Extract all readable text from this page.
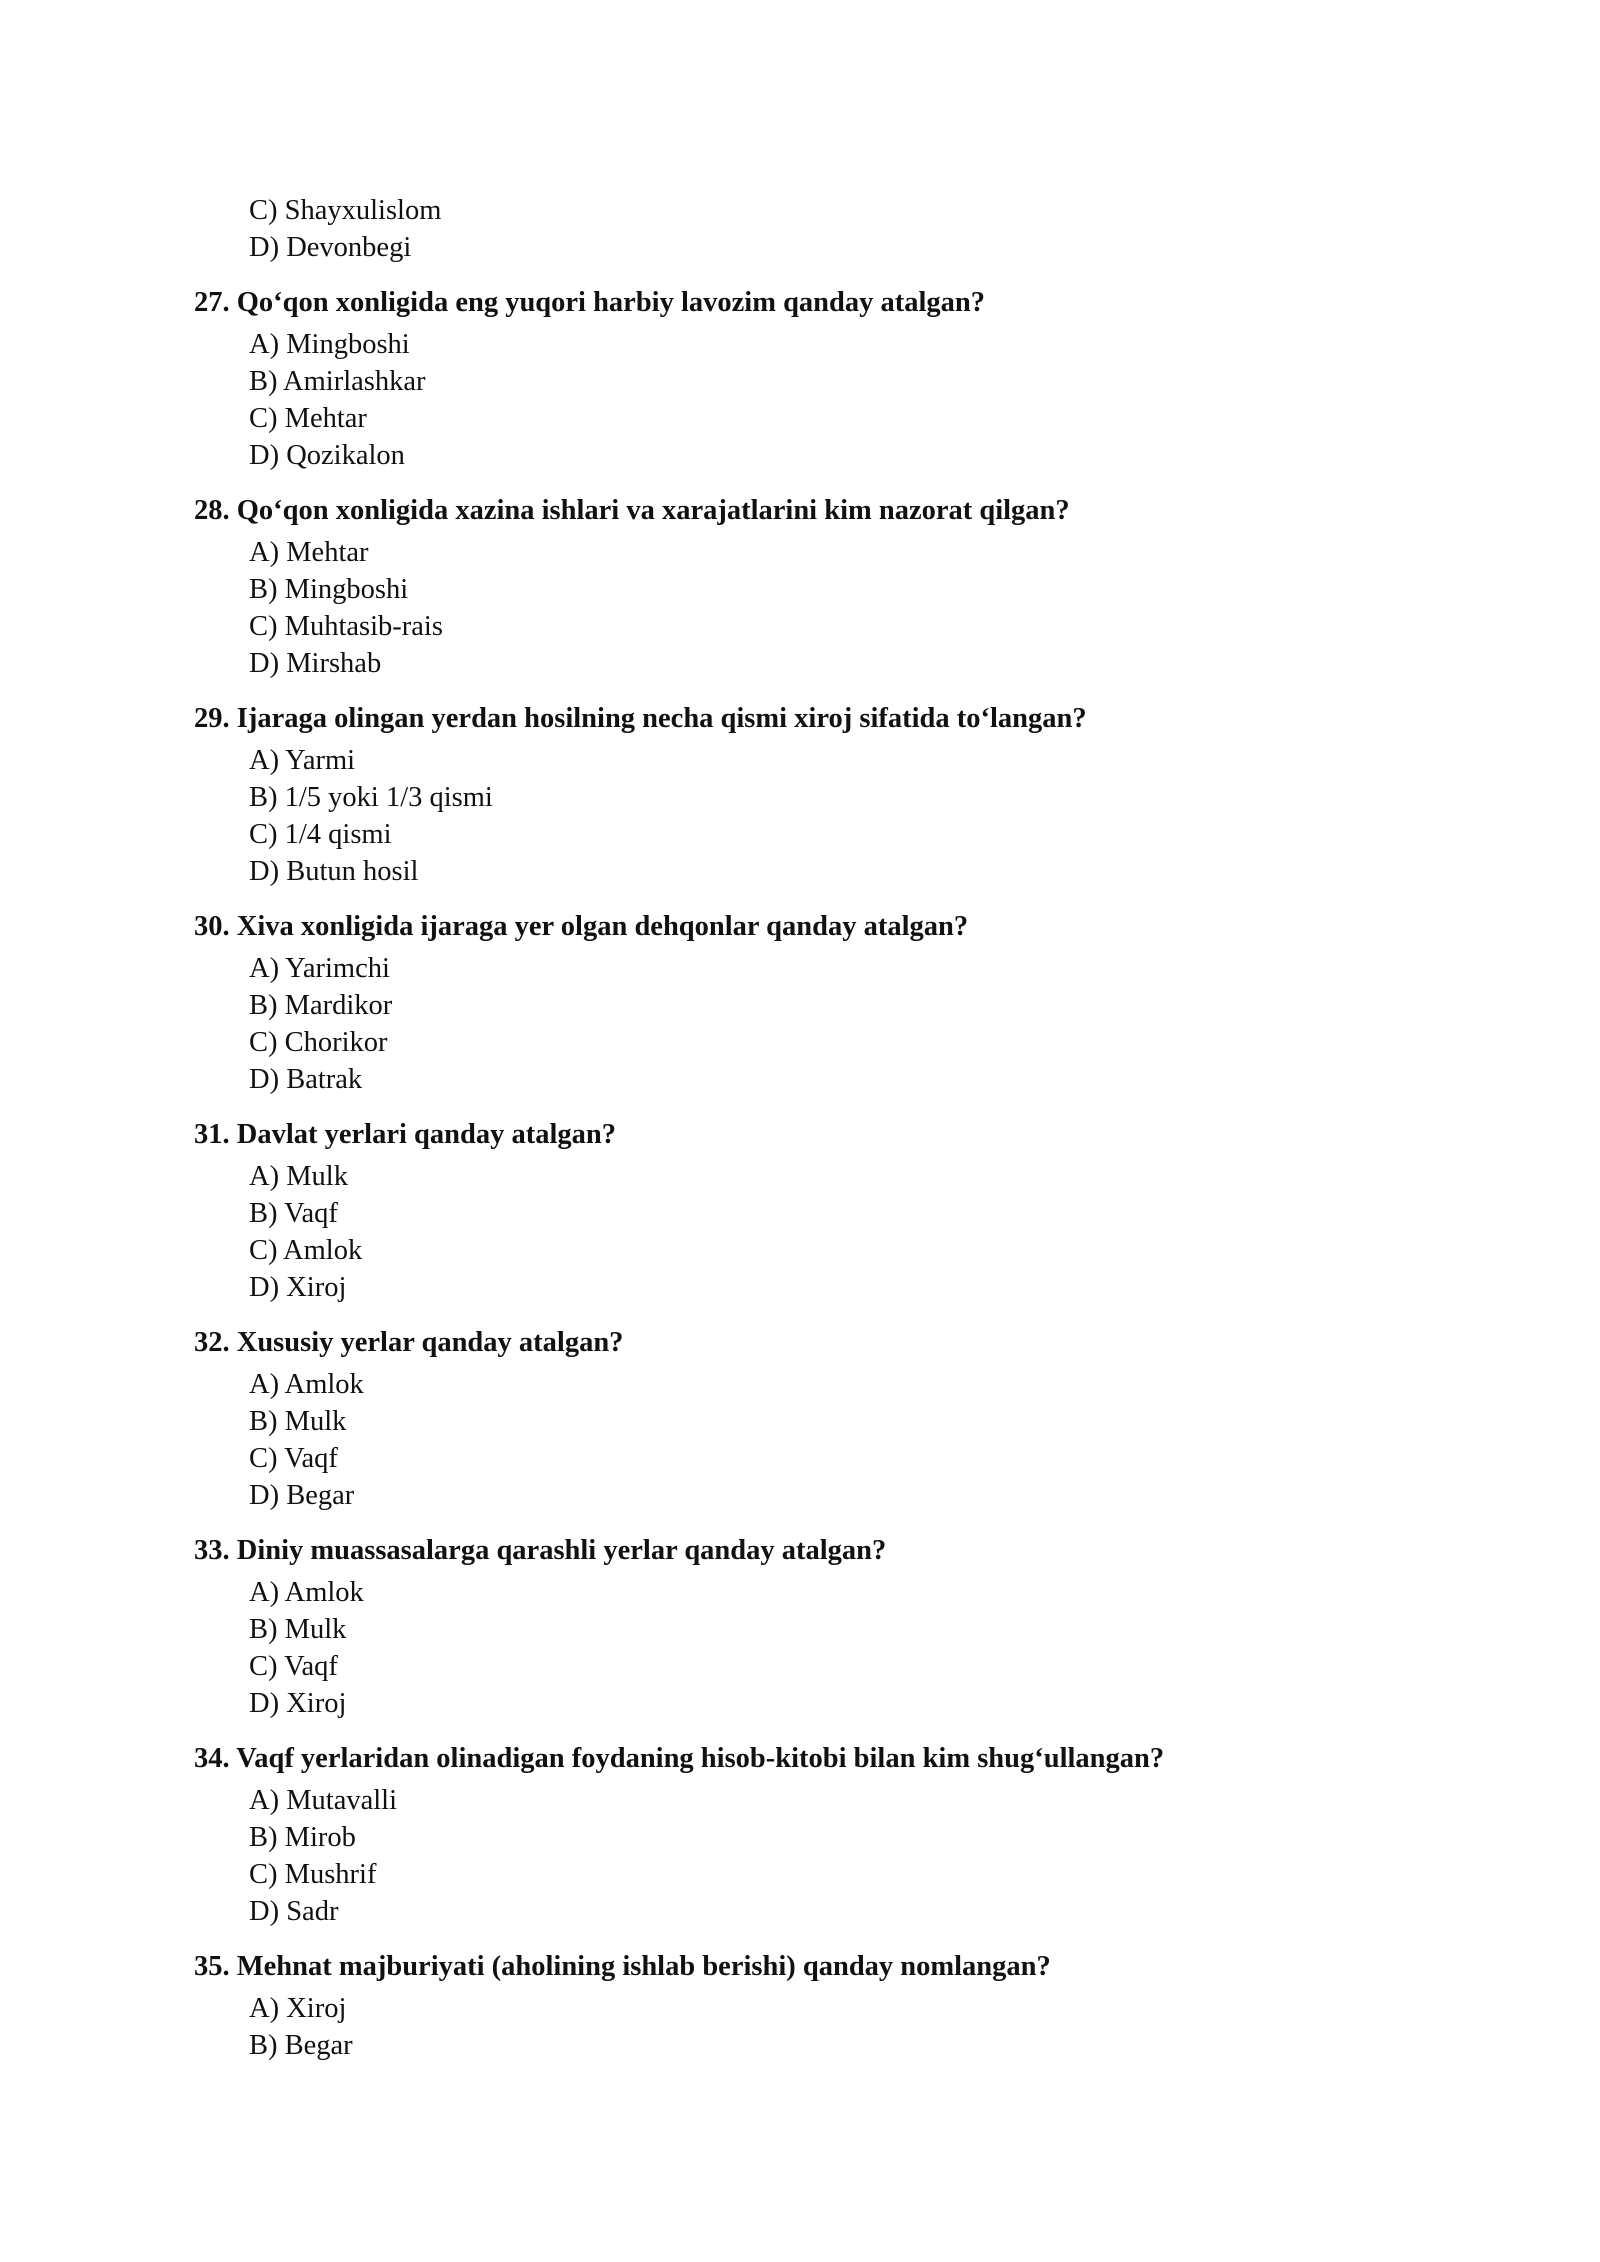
C) Shayxulislom
D) Devonbegi
27. Qo‘qon xonligida eng yuqori harbiy lavozim qanday atalgan?
A) Mingboshi
B) Amirlashkar
C) Mehtar
D) Qozikalon
28. Qo‘qon xonligida xazina ishlari va xarajatlarini kim nazorat qilgan?
A) Mehtar
B) Mingboshi
C) Muhtasib-rais
D) Mirshab
29. Ijaraga olingan yerdan hosilning necha qismi xiroj sifatida to‘langan?
A) Yarmi
B) 1/5 yoki 1/3 qismi
C) 1/4 qismi
D) Butun hosil
30. Xiva xonligida ijaraga yer olgan dehqonlar qanday atalgan?
A) Yarimchi
B) Mardikor
C) Chorikor
D) Batrak
31. Davlat yerlari qanday atalgan?
A) Mulk
B) Vaqf
C) Amlok
D) Xiroj
32. Xususiy yerlar qanday atalgan?
A) Amlok
B) Mulk
C) Vaqf
D) Begar
33. Diniy muassasalarga qarashli yerlar qanday atalgan?
A) Amlok
B) Mulk
C) Vaqf
D) Xiroj
34. Vaqf yerlaridan olinadigan foydaning hisob-kitobi bilan kim shug‘ullangan?
A) Mutavalli
B) Mirob
C) Mushrif
D) Sadr
35. Mehnat majburiyati (aholining ishlab berishi) qanday nomlangan?
A) Xiroj
B) Begar
